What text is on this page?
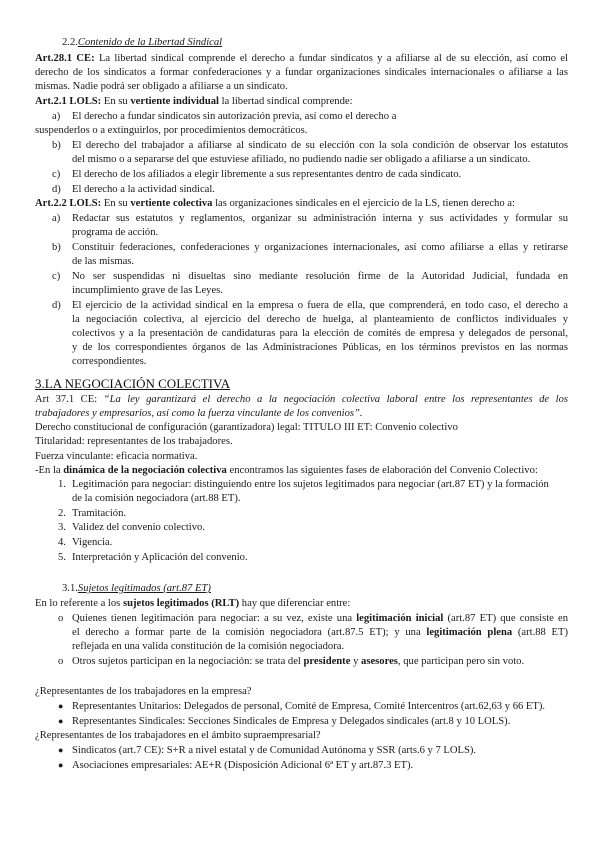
2.2.Contenido de la Libertad Sindical
Art.28.1 CE: La libertad sindical comprende el derecho a fundar sindicatos y a afiliarse al de su elección, así como el
derecho de los sindicatos a formar confederaciones y a fundar organizaciones sindicales internacionales o afiliarse a las
mismas. Nadie podrá ser obligado a afiliarse a un sindicato.
Art.2.1 LOLS: En su vertiente individual la libertad sindical comprende:
a)	El derecho a fundar sindicatos sin autorización previa, así como el derecho a
suspenderlos o a extinguirlos, por procedimientos democráticos.
b)	El derecho del trabajador a afiliarse al sindicato de su elección con la sola condición de observar los estatutos
del mismo o a separarse del que estuviese afiliado, no pudiendo nadie ser obligado a afiliarse a un sindicato.
c)	El derecho de los afiliados a elegir libremente a sus representantes dentro de cada sindicato.
d)	El derecho a la actividad sindical.
Art.2.2 LOLS: En su vertiente colectiva las organizaciones sindicales en el ejercicio de la LS, tienen derecho a:
a)	Redactar sus estatutos y reglamentos, organizar su administración interna y sus actividades y formular su
programa de acción.
b)	Constituir federaciones, confederaciones y organizaciones internacionales, así como afiliarse a ellas y retirarse
de las mismas.
c)	No ser suspendidas ni disueltas sino mediante resolución firme de la Autoridad Judicial, fundada en
incumplimiento grave de las Leyes.
d)	El ejercicio de la actividad sindical en la empresa o fuera de ella, que comprenderá, en todo caso, el derecho a
la negociación colectiva, al ejercicio del derecho de huelga, al planteamiento de conflictos individuales y
colectivos y a la presentación de candidaturas para la elección de comités de empresa y delegados de personal,
y de los correspondientes órganos de las Administraciones Públicas, en los términos previstos en las normas
correspondientes.
3.LA NEGOCIACIÓN COLECTIVA
Art 37.1 CE: “La ley garantizará el derecho a la negociación colectiva laboral entre los representantes de los
trabajadores y empresarios, así como la fuerza vinculante de los convenios”.
Derecho constitucional de configuración (garantizadora) legal: TITULO III ET: Convenio colectivo
Titularidad: representantes de los trabajadores.
Fuerza vinculante: eficacia normativa.
-En la dinámica de la negociación colectiva encontramos las siguientes fases de elaboración del Convenio Colectivo:
1. Legitimación para negociar: distinguiendo entre los sujetos legitimados para negociar (art.87 ET) y la formación
de la comisión negociadora (art.88 ET).
2. Tramitación.
3. Validez del convenio colectivo.
4. Vigencia.
5. Interpretación y Aplicación del convenio.
3.1.Sujetos legitimados (art.87 ET)
En lo referente a los sujetos legitimados (RLT) hay que diferenciar entre:
o Quienes tienen legitimación para negociar: a su vez, existe una legitimación inicial (art.87 ET) que consiste en
el derecho a formar parte de la comisión negociadora (art.87.5 ET); y una legitimación plena (art.88 ET)
reflejada en una valida constitución de la comisión negociadora.
o Otros sujetos participan en la negociación: se trata del presidente y asesores, que participan pero sin voto.
¿Representantes de los trabajadores en la empresa?
● Representantes Unitarios: Delegados de personal, Comité de Empresa, Comité Intercentros (art.62,63 y 66 ET).
● Representantes Sindicales: Secciones Sindicales de Empresa y Delegados sindicales (art.8 y 10 LOLS).
¿Representantes de los trabajadores en el ámbito supraempresarial?
● Sindicatos (art.7 CE): S+R a nivel estatal y de Comunidad Autónoma y SSR (arts.6 y 7 LOLS).
● Asociaciones empresariales: AE+R (Disposición Adicional 6ª ET y art.87.3 ET).
